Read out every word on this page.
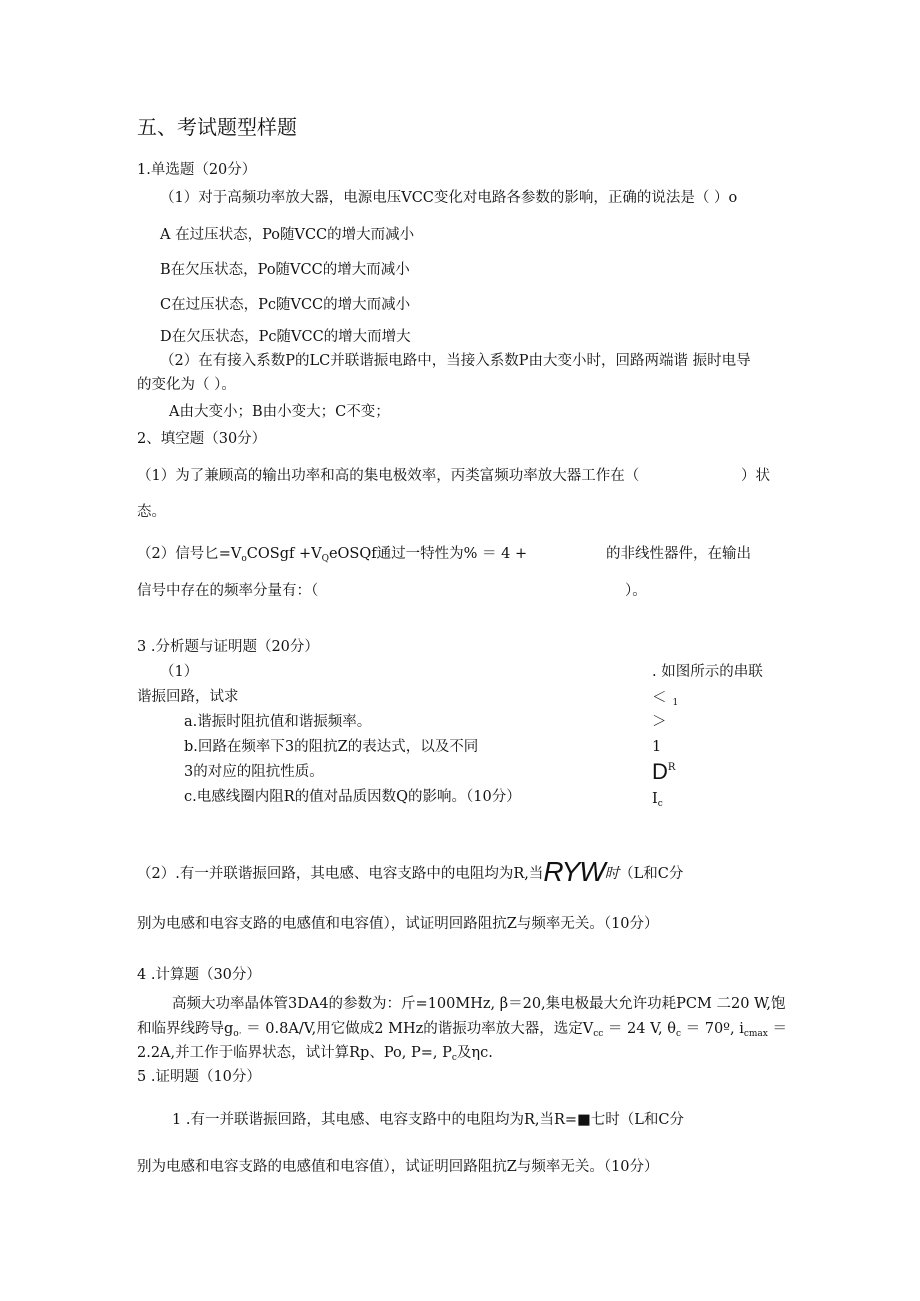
五、考试题型样题
1.单选题（20分）
（1）对于高频功率放大器，电源电压VCC变化对电路各参数的影响，正确的说法是（ ）o
A 在过压状态，Po随VCC的增大而减小
B在欠压状态，Po随VCC的增大而减小
C在过压状态，Pc随VCC的增大而减小
D在欠压状态，Pc随VCC的增大而增大
（2）在有接入系数P的LC并联谐振电路中，当接入系数P由大变小时，回路两端谐 振时电导
的变化为（ ）。
A由大变小；B由小变大；C不变；
2、填空题（30分）
（1）为了兼顾高的输出功率和高的集电极效率，丙类富频功率放大器工作在（	）状
态。
（2）信号匕$=V_oCOSgf$ $+V_QeOSQf$通过一特性为% ＝ 4 +	的非线性器件，在输出
信号中存在的频率分量有：（	）。
3 .分析题与证明题（20分）
（1）	. 如图所示的串联
谐振回路，试求
a.谐振时阻抗值和谐振频率。
b.回路在频率下3的阻抗Z的表达式，以及不同
3的对应的阻抗性质。
c.电感线圈内阻R的值对品质因数Q的影响。（10分）
＜ $_1$
＞
1
$D^R$
$I_c$
（2）.有一并联谐振回路，其电感、电容支路中的电阻均为R,当RYW时（L和C分
别为电感和电容支路的电感值和电容值），试证明回路阻抗Z与频率无关。（10分）
4 .计算题（30分）
高频大功率晶体管3DA4的参数为：斤=100MHz, β＝20,集电极最大允许功耗PCM 二20 W,饱
和临界线跨导$g_{o\cdot} = 0.8A/V$,用它做成2 MHz的谐振功率放大器，选定$V_{cc} = 24$ V, $\theta_c$ ＝ 70º, $i_{cmax}$ ＝
2.2A,并工作于临界状态，试计算Rp、Po, P=, $P_c$及ηc.
5 .证明题（10分）
1 .有一并联谐振回路，其电感、电容支路中的电阻均为R,当R=■七时（L和C分
别为电感和电容支路的电感值和电容值），试证明回路阻抗Z与频率无关。（10分）
